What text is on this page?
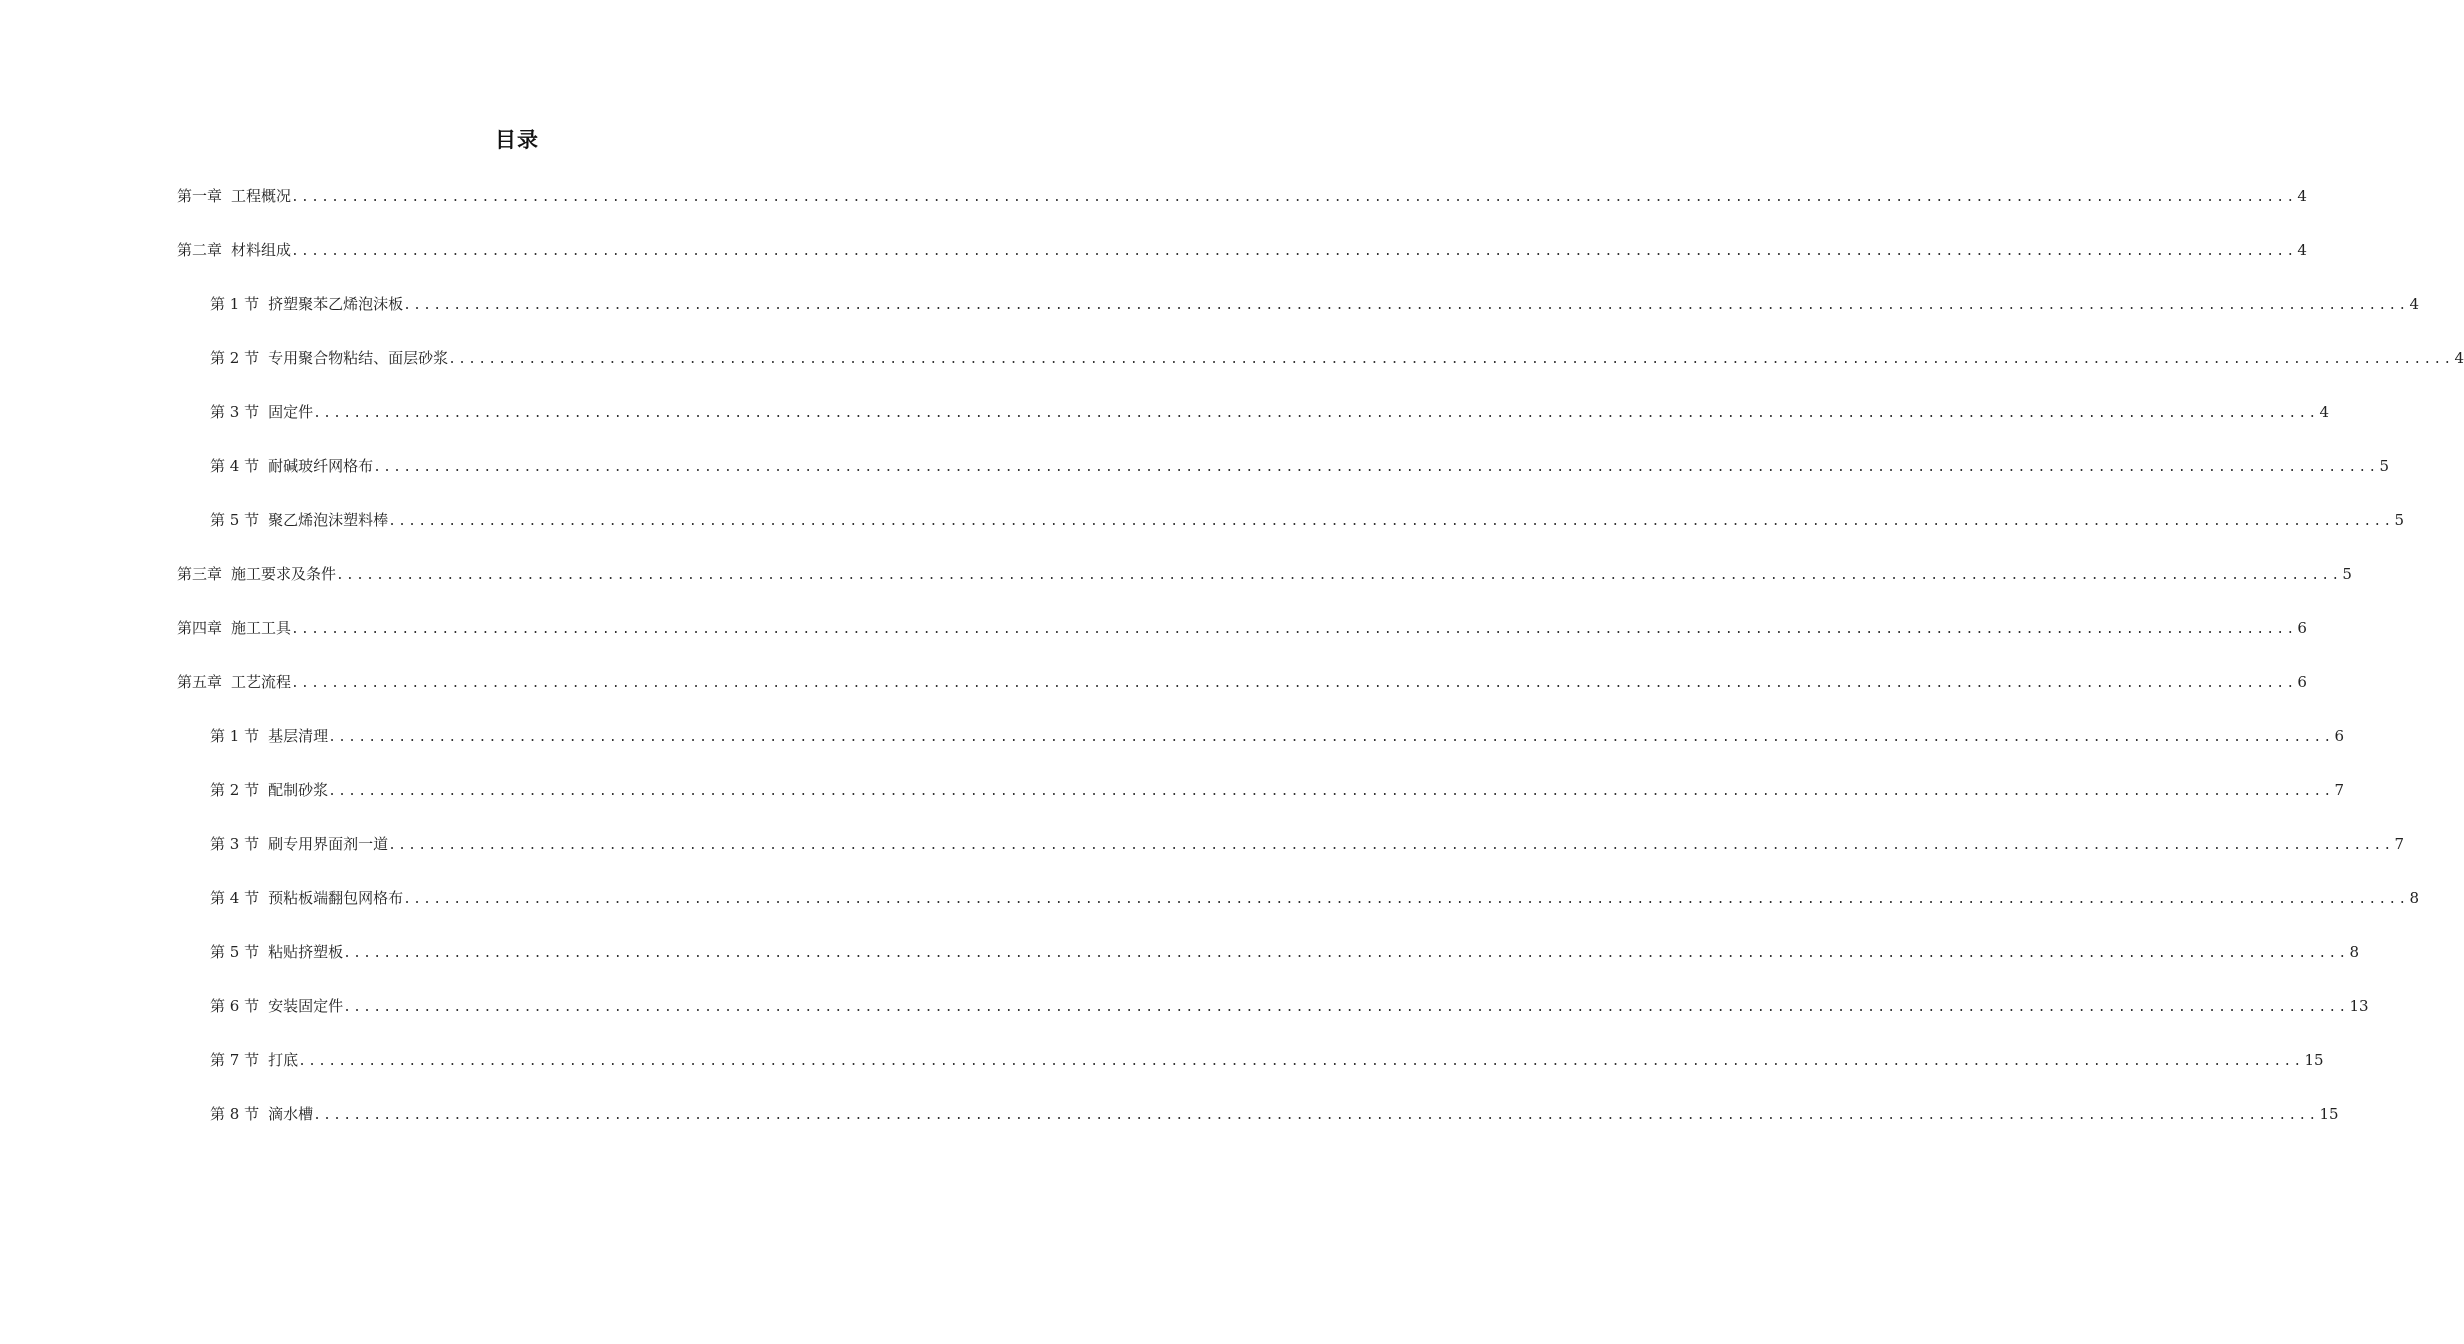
目录
第一章 工程概况 ........................................................................................................................................................................................................ 4
第二章 材料组成 ........................................................................................................................................................................................................ 4
第 1 节 挤塑聚苯乙烯泡沫板 ........................................................................................................................................................................................................ 4
第 2 节 专用聚合物粘结、面层砂浆 ........................................................................................................................................................................................................ 4
第 3 节 固定件 ........................................................................................................................................................................................................ 4
第 4 节 耐碱玻纤网格布 ........................................................................................................................................................................................................ 5
第 5 节 聚乙烯泡沫塑料棒 ........................................................................................................................................................................................................ 5
第三章 施工要求及条件 ........................................................................................................................................................................................................ 5
第四章 施工工具 ........................................................................................................................................................................................................ 6
第五章 工艺流程 ........................................................................................................................................................................................................ 6
第 1 节 基层清理 ........................................................................................................................................................................................................ 6
第 2 节 配制砂浆 ........................................................................................................................................................................................................ 7
第 3 节 刷专用界面剂一道 ........................................................................................................................................................................................................ 7
第 4 节 预粘板端翻包网格布 ........................................................................................................................................................................................................ 8
第 5 节 粘贴挤塑板 ........................................................................................................................................................................................................ 8
第 6 节 安装固定件 ........................................................................................................................................................................................................ 13
第 7 节 打底 ........................................................................................................................................................................................................ 15
第 8 节 滴水槽 ........................................................................................................................................................................................................ 15
